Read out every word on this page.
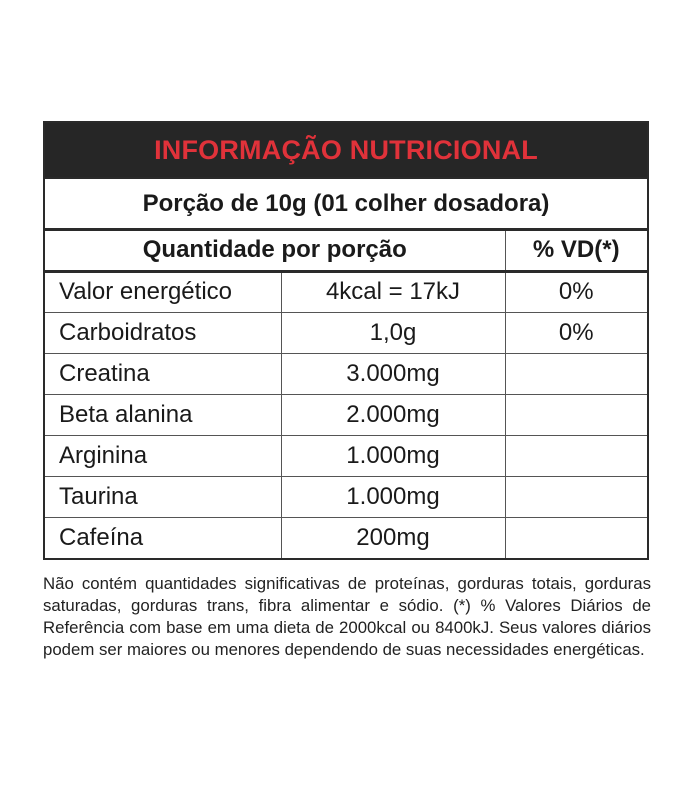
INFORMAÇÃO NUTRICIONAL
Porção de 10g (01 colher dosadora)
Quantidade por porção		% VD(*)
Valor energético	4kcal = 17kJ	0%
Carboidratos	1,0g	0%
Creatina	3.000mg	
Beta alanina	2.000mg	
Arginina	1.000mg	
Taurina	1.000mg	
Cafeína	200mg	
Não contém quantidades significativas de proteínas, gorduras totais, gorduras saturadas, gorduras trans, fibra alimentar e sódio. (*) % Valores Diários de Referência com base em uma dieta de 2000kcal ou 8400kJ. Seus valores diários podem ser maiores ou menores dependendo de suas necessidades energéticas.
